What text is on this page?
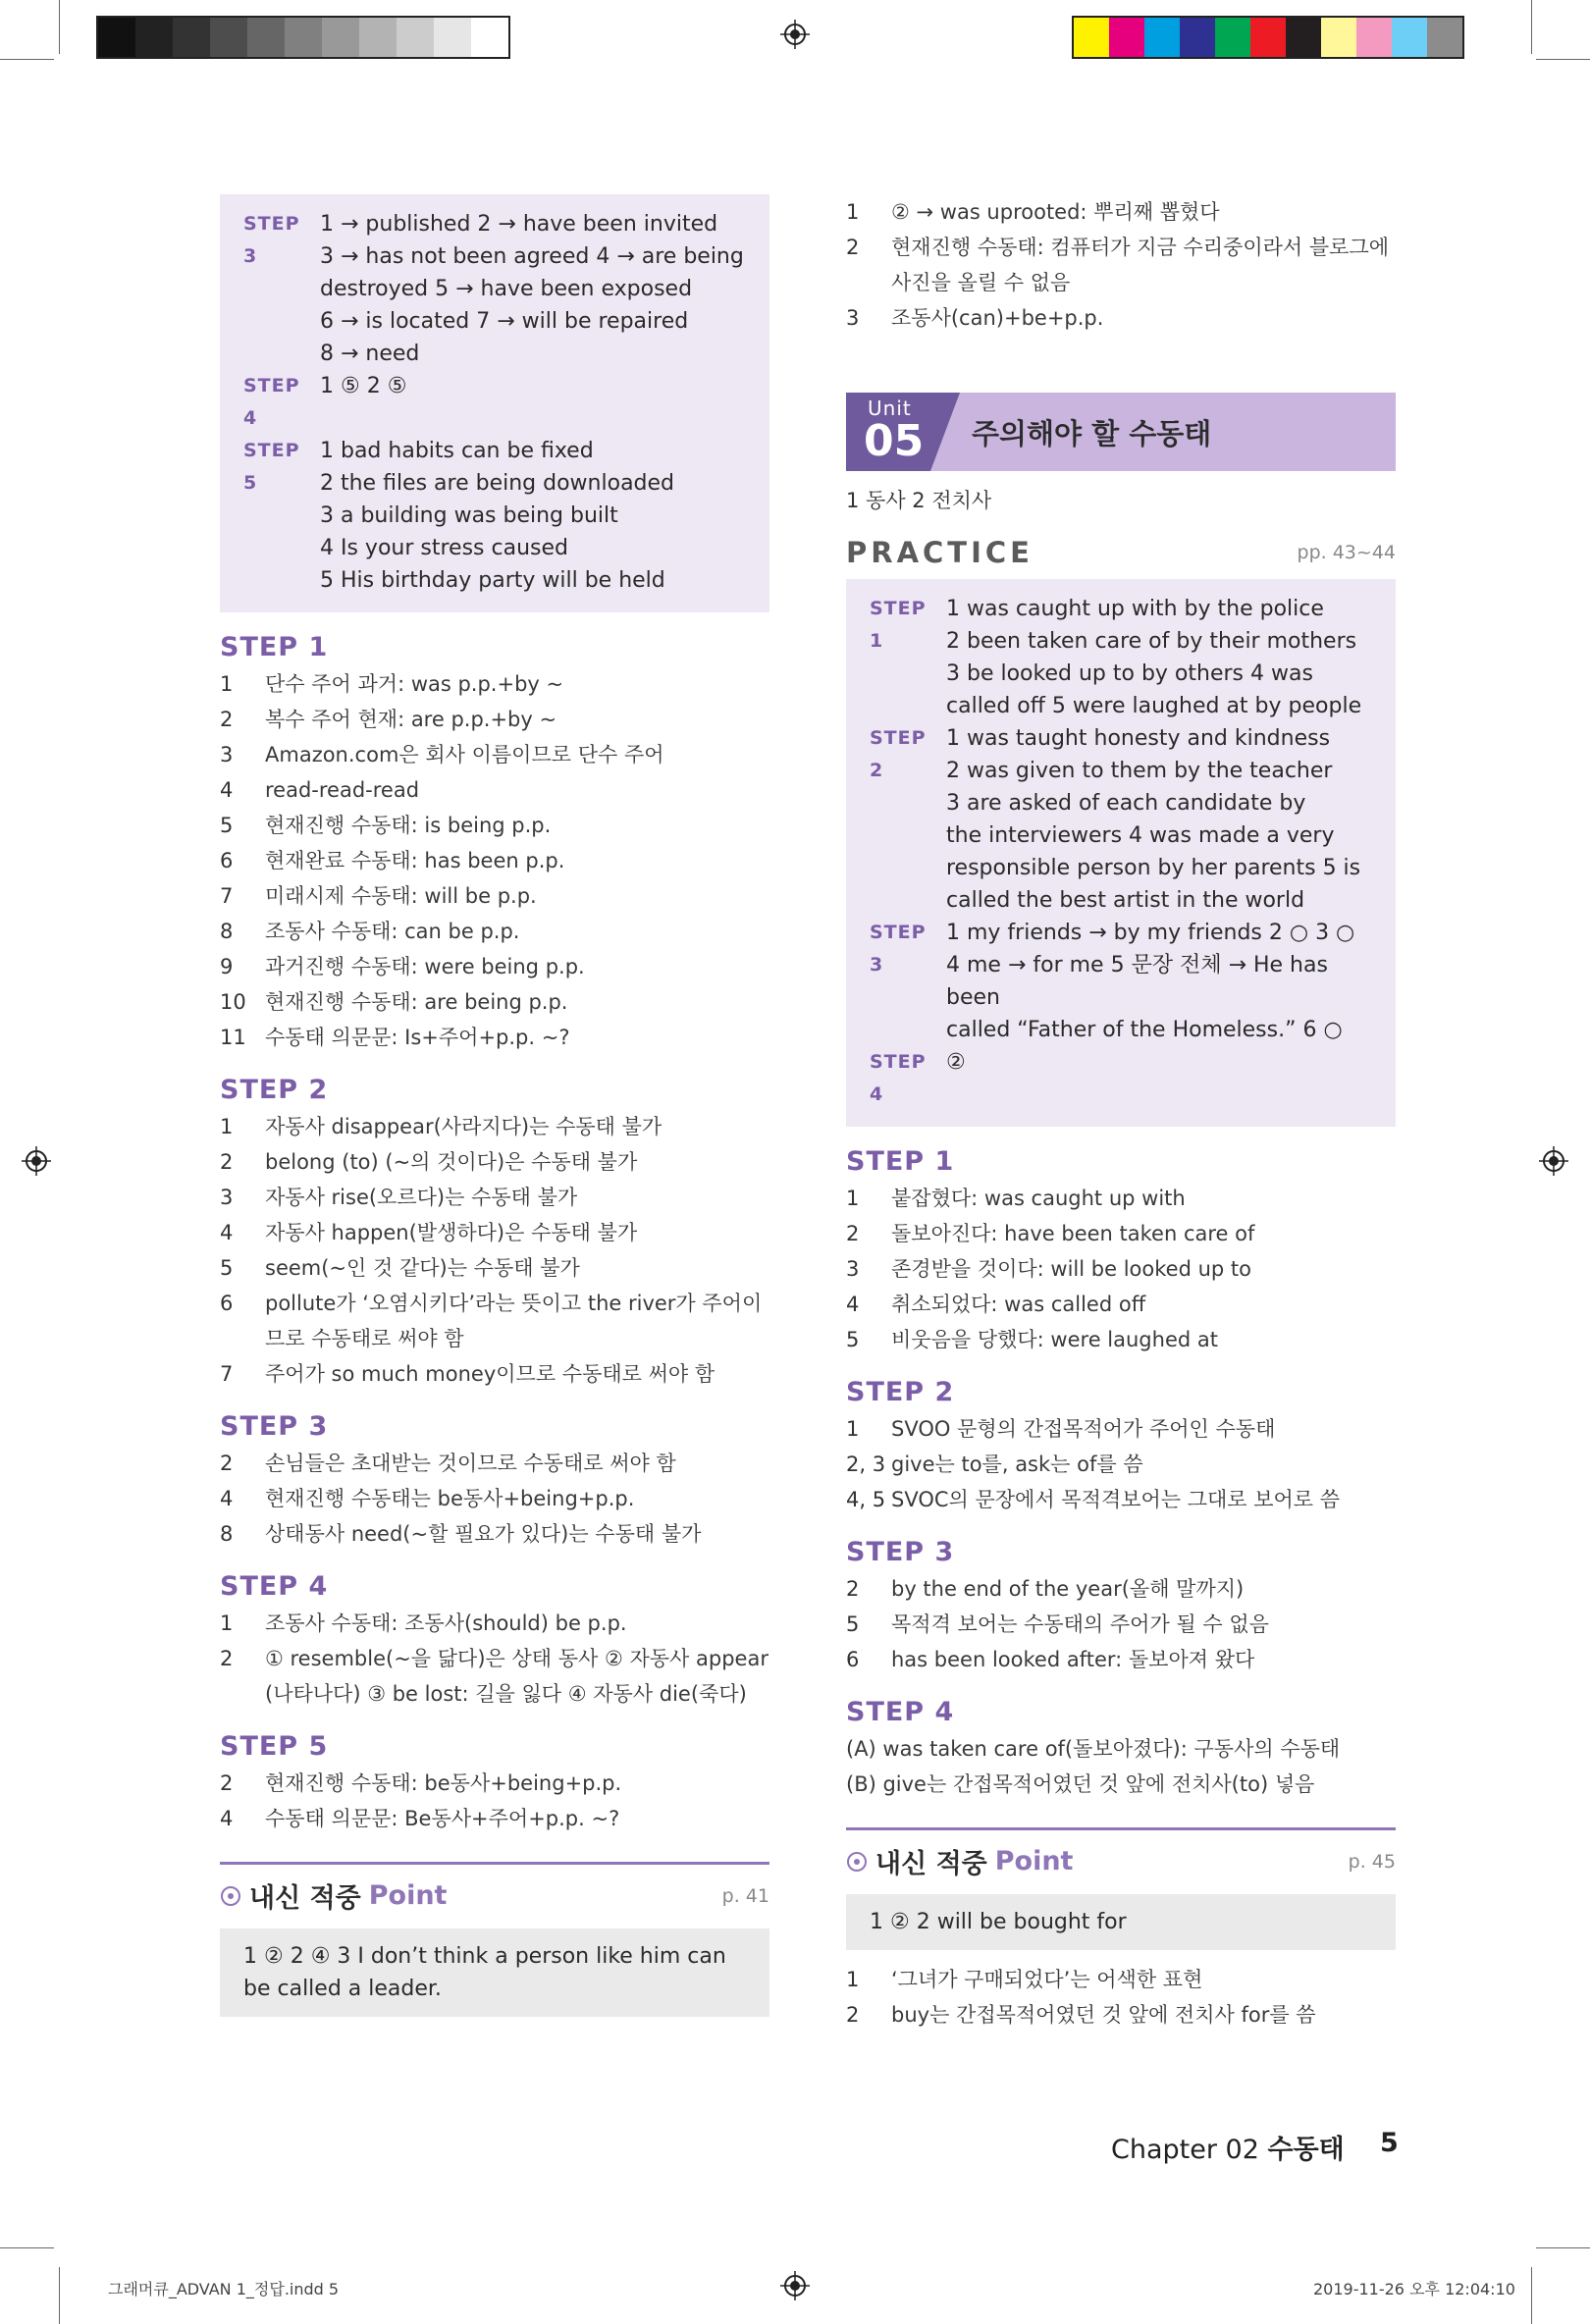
STEP 3
1 → published 2 → have been invited
3 → has not been agreed 4 → are being
destroyed 5 → have been exposed
6 → is located 7 → will be repaired
8 → need
STEP 4
1 ⑤ 2 ⑤
STEP 5
1 bad habits can be fixed
2 the files are being downloaded
3 a building was being built
4 Is your stress caused
5 His birthday party will be held
STEP 1
1	단수 주어 과거: was p.p.+by ~
2	복수 주어 현재: are p.p.+by ~
3	Amazon.com은 회사 이름이므로 단수 주어
4	read-read-read
5	현재진행 수동태: is being p.p.
6	현재완료 수동태: has been p.p.
7	미래시제 수동태: will be p.p.
8	조동사 수동태: can be p.p.
9	과거진행 수동태: were being p.p.
10 현재진행 수동태: are being p.p.
11 수동태 의문문: Is+주어+p.p. ~?
STEP 2
1	자동사 disappear(사라지다)는 수동태 불가
2	belong (to) (~의 것이다)은 수동태 불가
3	자동사 rise(오르다)는 수동태 불가
4	자동사 happen(발생하다)은 수동태 불가
5	seem(~인 것 같다)는 수동태 불가
6	pollute가 ‘오염시키다’라는 뜻이고 the river가 주어이므로 수동태로 써야 함
7	주어가 so much money이므로 수동태로 써야 함
STEP 3
2	손님들은 초대받는 것이므로 수동태로 써야 함
4	현재진행 수동태는 be동사+being+p.p.
8	상태동사 need(~할 필요가 있다)는 수동태 불가
STEP 4
1	조동사 수동태: 조동사(should) be p.p.
2	① resemble(~을 닮다)은 상태 동사 ② 자동사 appear (나타나다) ③ be lost: 길을 잃다 ④ 자동사 die(죽다)
STEP 5
2	현재진행 수동태: be동사+being+p.p.
4	수동태 의문문: Be동사+주어+p.p. ~?
내신 적중 Point	p. 41
1 ② 2 ④ 3 I don’t think a person like him can be called a leader.
1	② → was uprooted: 뿌리째 뽑혔다
2	현재진행 수동태: 컴퓨터가 지금 수리중이라서 블로그에 사진을 올릴 수 없음
3	조동사(can)+be+p.p.
Unit
05	주의해야 할 수동태
1 동사 2 전치사
PRACTICE	pp. 43~44
STEP 1
1 was caught up with by the police
2 been taken care of by their mothers
3 be looked up to by others 4 was
called off 5 were laughed at by people
STEP 2
1 was taught honesty and kindness
2 was given to them by the teacher
3 are asked of each candidate by
the interviewers 4 was made a very
responsible person by her parents 5 is
called the best artist in the world
STEP 3
1 my friends → by my friends 2 ○ 3 ○
4 me → for me 5 문장 전체 → He has been
called “Father of the Homeless.” 6 ○
STEP 4
②
STEP 1
1	붙잡혔다: was caught up with
2	돌보아진다: have been taken care of
3	존경받을 것이다: will be looked up to
4	취소되었다: was called off
5	비웃음을 당했다: were laughed at
STEP 2
1	SVOO 문형의 간접목적어가 주어인 수동태
2, 3 give는 to를, ask는 of를 씀
4, 5 SVOC의 문장에서 목적격보어는 그대로 보어로 씀
STEP 3
2	by the end of the year(올해 말까지)
5	목적격 보어는 수동태의 주어가 될 수 없음
6	has been looked after: 돌보아져 왔다
STEP 4
(A) was taken care of(돌보아졌다): 구동사의 수동태
(B) give는 간접목적어였던 것 앞에 전치사(to) 넣음
내신 적중 Point	p. 45
1 ② 2 will be bought for
1	‘그녀가 구매되었다’는 어색한 표현
2	buy는 간접목적어였던 것 앞에 전치사 for를 씀
Chapter 02 수동태 5
그래머큐_ADVAN 1_정답.indd 5	2019-11-26 오후 12:04:10
